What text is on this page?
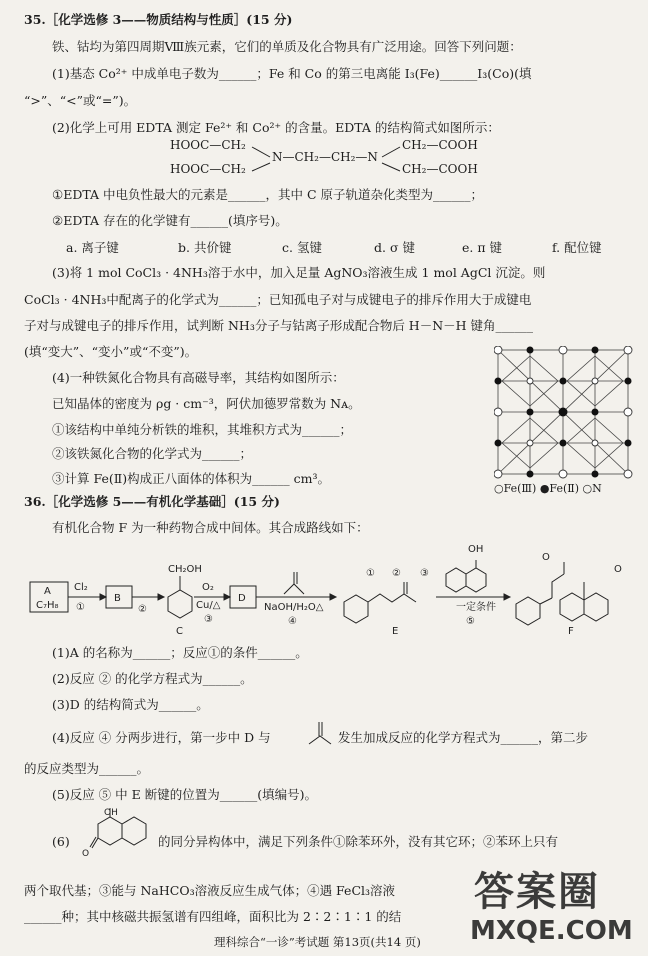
35.［化学选修 3——物质结构与性质］(15 分)
铁、钴均为第四周期Ⅷ族元素，它们的单质及化合物具有广泛用途。回答下列问题：
(1)基态 Co²⁺ 中成单电子数为______；Fe 和 Co 的第三电离能 I₃(Fe)______I₃(Co)(填
“>”、“<”或“=”)。
(2)化学上可用 EDTA 测定 Fe²⁺ 和 Co²⁺ 的含量。EDTA 的结构简式如图所示：
HOOC—CH₂
HOOC—CH₂
N—CH₂—CH₂—N
CH₂—COOH
CH₂—COOH
①EDTA 中电负性最大的元素是______，其中 C 原子轨道杂化类型为______；
②EDTA 存在的化学键有______(填序号)。
a. 离子键	b. 共价键	c. 氢键	d. σ 键	e. π 键	f. 配位键
(3)将 1 mol CoCl₃ · 4NH₃溶于水中，加入足量 AgNO₃溶液生成 1 mol AgCl 沉淀。则
CoCl₃ · 4NH₃中配离子的化学式为______；已知孤电子对与成键电子的排斥作用大于成键电
子对与成键电子的排斥作用，试判断 NH₃分子与钴离子形成配合物后 H－N－H 键角______
(填“变大”、“变小”或“不变”)。
(4)一种铁氮化合物具有高磁导率，其结构如图所示：
已知晶体的密度为 ρg · cm⁻³，阿伏加德罗常数为 Nᴀ。
①该结构中单纯分析铁的堆积，其堆积方式为______；
②该铁氮化合物的化学式为______；
③计算 Fe(Ⅱ)构成正八面体的体积为______ cm³。
○Fe(Ⅲ) ●Fe(Ⅱ) ○N
36.［化学选修 5——有机化学基础］(15 分)
有机化合物 F 为一种药物合成中间体。其合成路线如下：
A
C₇H₈
Cl₂
①
B
②
CH₂OH
C
O₂
Cu/△
③
D
NaOH/H₂O△
④
① ② ③
E
OH
一定条件
⑤
O
O
F
(1)A 的名称为______；反应①的条件______。
(2)反应 ② 的化学方程式为______。
(3)D 的结构简式为______。
(4)反应 ④ 分两步进行，第一步中 D 与	发生加成反应的化学方程式为______，第二步
的反应类型为______。
(5)反应 ⑤ 中 E 断键的位置为______(填编号)。
(6)
OH
O
的同分异构体中，满足下列条件①除苯环外，没有其它环；②苯环上只有
两个取代基；③能与 NaHCO₃溶液反应生成气体；④遇 FeCl₃溶液
______种；其中核磁共振氢谱有四组峰，面积比为 2∶2∶1∶1 的结
理科综合“一诊”考试题 第13页(共14 页)
答案圈
MXQE.COM
